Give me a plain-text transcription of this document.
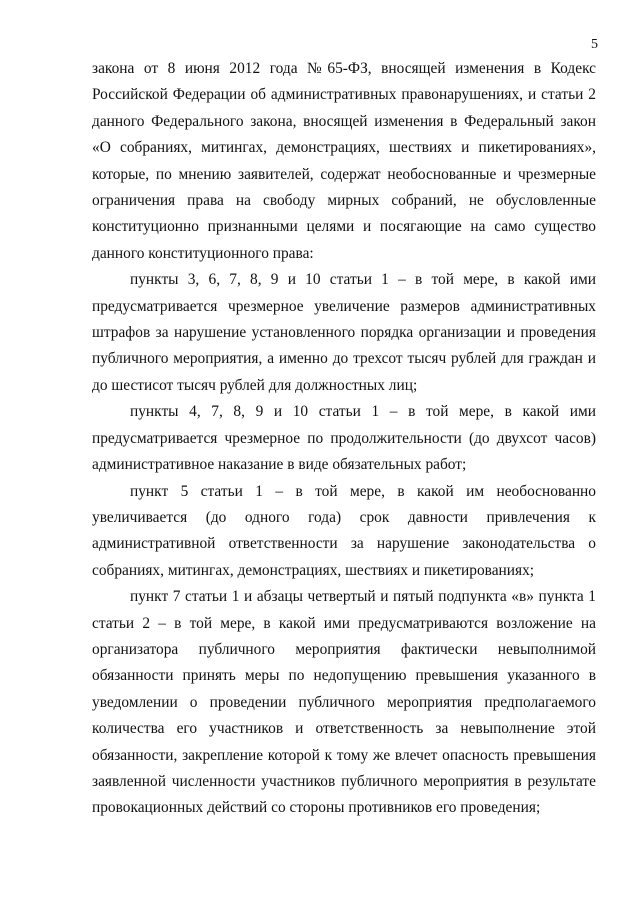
5

закона от 8 июня 2012 года №65-ФЗ, вносящей изменения в Кодекс Российской Федерации об административных правонарушениях, и статьи 2 данного Федерального закона, вносящей изменения в Федеральный закон «О собраниях, митингах, демонстрациях, шествиях и пикетированиях», которые, по мнению заявителей, содержат необоснованные и чрезмерные ограничения права на свободу мирных собраний, не обусловленные конституционно признанными целями и посягающие на само существо данного конституционного права:

пункты 3, 6, 7, 8, 9 и 10 статьи 1 – в той мере, в какой ими предусматривается чрезмерное увеличение размеров административных штрафов за нарушение установленного порядка организации и проведения публичного мероприятия, а именно до трехсот тысяч рублей для граждан и до шестисот тысяч рублей для должностных лиц;

пункты 4, 7, 8, 9 и 10 статьи 1 – в той мере, в какой ими предусматривается чрезмерное по продолжительности (до двухсот часов) административное наказание в виде обязательных работ;

пункт 5 статьи 1 – в той мере, в какой им необоснованно увеличивается (до одного года) срок давности привлечения к административной ответственности за нарушение законодательства о собраниях, митингах, демонстрациях, шествиях и пикетированиях;

пункт 7 статьи 1 и абзацы четвертый и пятый подпункта «в» пункта 1 статьи 2 – в той мере, в какой ими предусматриваются возложение на организатора публичного мероприятия фактически невыполнимой обязанности принять меры по недопущению превышения указанного в уведомлении о проведении публичного мероприятия предполагаемого количества его участников и ответственность за невыполнение этой обязанности, закрепление которой к тому же влечет опасность превышения заявленной численности участников публичного мероприятия в результате провокационных действий со стороны противников его проведения;
